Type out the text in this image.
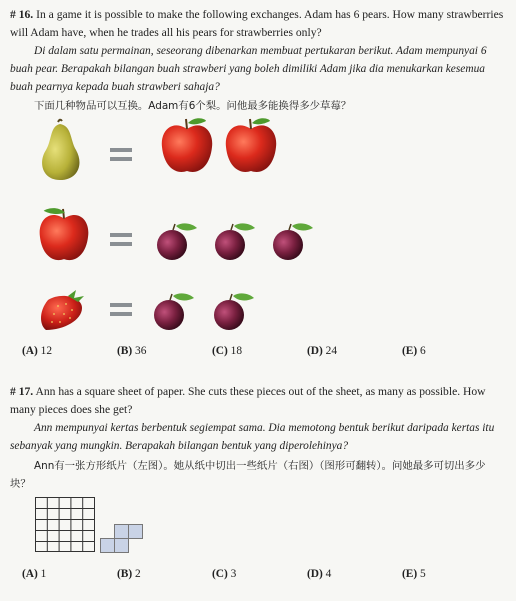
# 16. In a game it is possible to make the following exchanges. Adam has 6 pears. How many strawberries will Adam have, when he trades all his pears for strawberries only?
Di dalam satu permainan, seseorang dibenarkan membuat pertukaran berikut. Adam mempunyai 6 buah pear. Berapakah bilangan buah strawberi yang boleh dimiliki Adam jika dia menukarkan kesemua buah pearnya kepada buah strawberi sahaja?
下面几种物品可以互换。Adam有6个梨。问他最多能换得多少草莓？
(A) 12	(B) 36	(C) 18	(D) 24	(E) 6
# 17. Ann has a square sheet of paper. She cuts these pieces out of the sheet, as many as possible. How many pieces does she get?
Ann mempunyai kertas berbentuk segiempat sama. Dia memotong bentuk berikut daripada kertas itu sebanyak yang mungkin. Berapakah bilangan bentuk yang diperolehinya?
Ann有一张方形纸片（左图）。她从纸中切出一些纸片（右图）（图形可翻转）。问她最多可切出多少块？
(A) 1	(B) 2	(C) 3	(D) 4	(E) 5
